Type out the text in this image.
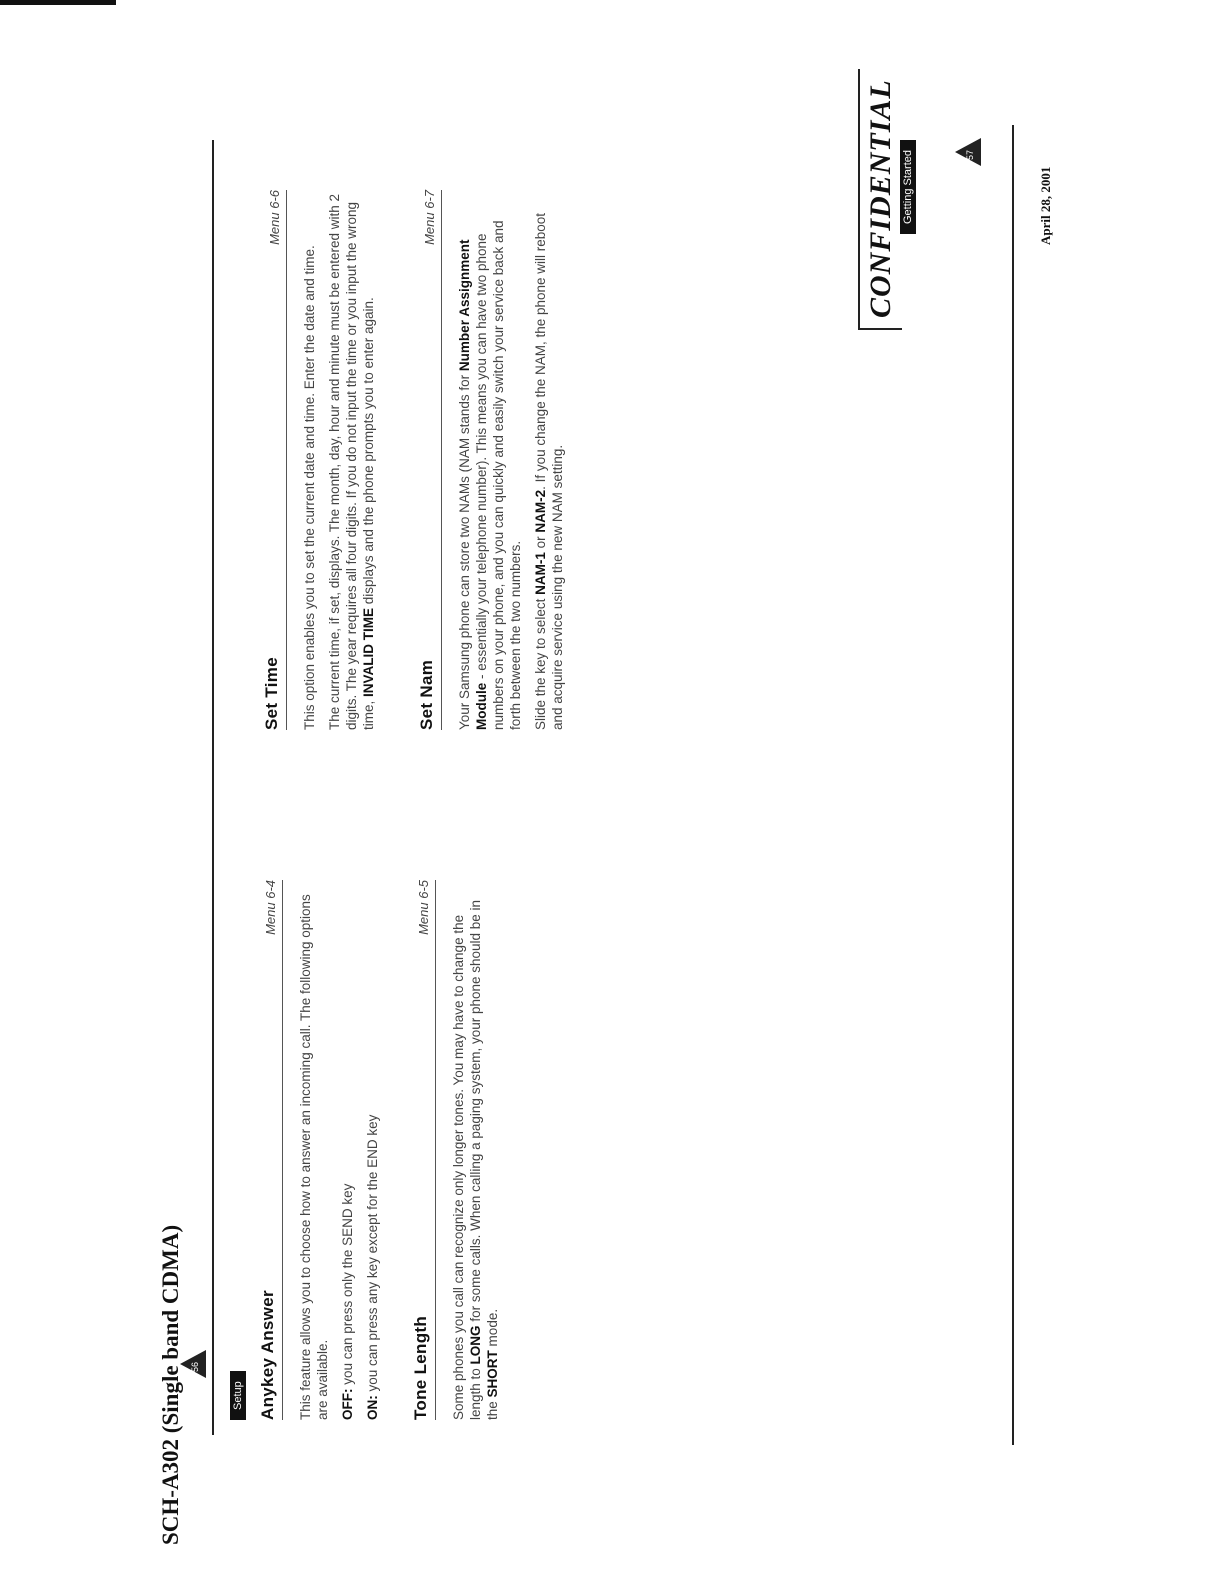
SCH-A302 (Single band CDMA)
April 28, 2001
CONFIDENTIAL
56
57
Setup Anykey Answer
Menu 6-4 This feature allows you to choose how to answer an incoming call. The following options are available. OFF: you can press only the SEND key

ON: you can press any key except for the END key Tone Length
Menu 6-5

Some phones you call can recognize only longer tones. You may have to change the length to LONG for some calls. When calling a paging system, your phone should be in the SHORT mode.

Getting Started
Set Time
Menu 6-6

This option enables you to set the current date and time. Enter the date and time. The current time, if set, displays. The month, day, hour and minute must be entered with 2 digits. The year requires all four digits. If you do not input the time or you input the wrong time, INVALID TIME displays and the phone prompts you to enter again.

Set Nam
Menu 6-7

Your Samsung phone can store two NAMs (NAM stands for Number Assignment Module - essentially your telephone number). This means you can have two phone numbers on your phone, and you can quickly and easily switch your service back and forth between the two numbers. Slide the key to select NAM-1 or NAM-2. If you change the NAM, the phone will reboot and acquire service using the new NAM setting.
